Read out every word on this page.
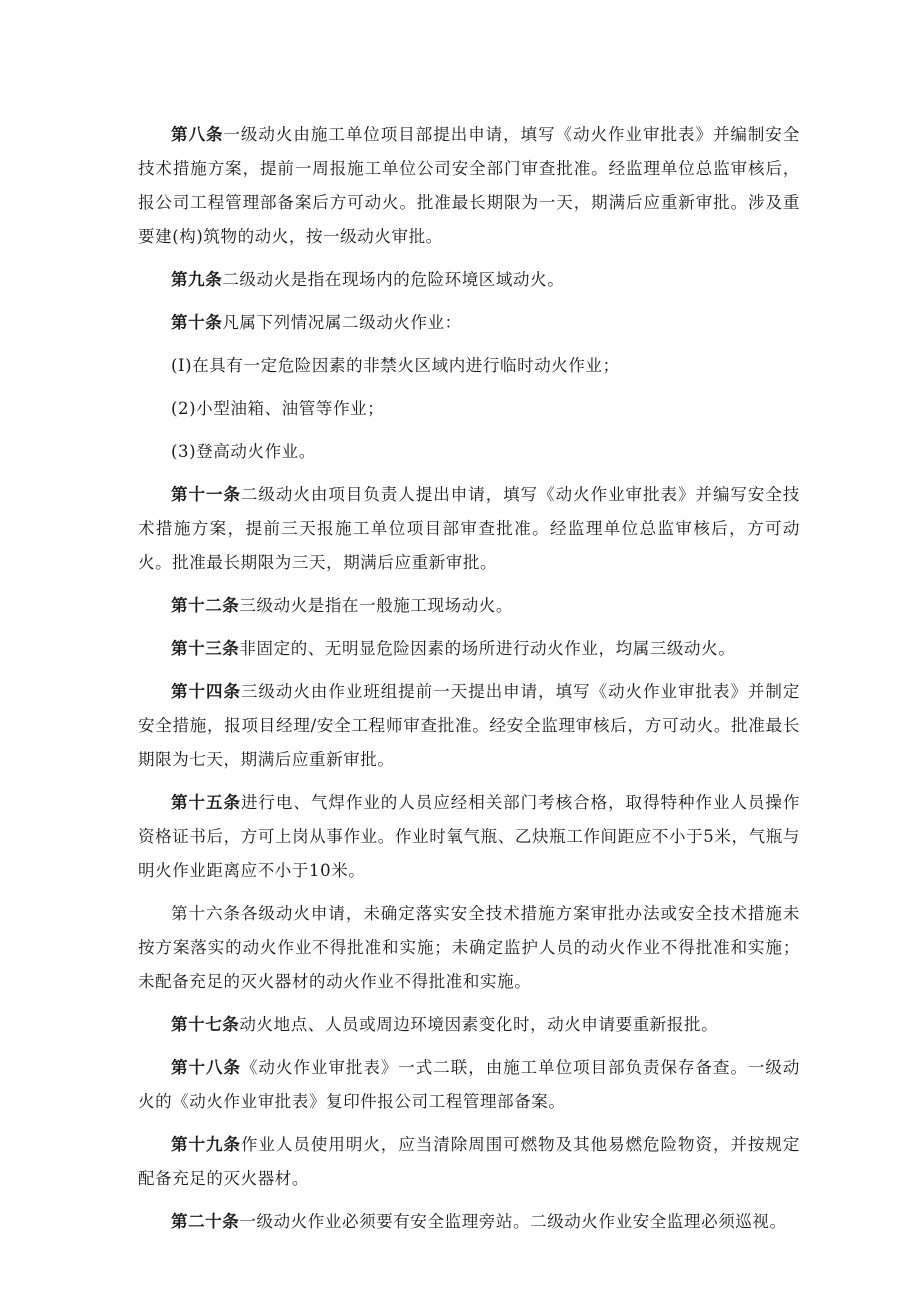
第八条一级动火由施工单位项目部提出申请，填写《动火作业审批表》并编制安全技术措施方案，提前一周报施工单位公司安全部门审查批准。经监理单位总监审核后，报公司工程管理部备案后方可动火。批准最长期限为一天，期满后应重新审批。涉及重要建(构)筑物的动火，按一级动火审批。

第九条二级动火是指在现场内的危险环境区域动火。

第十条凡属下列情况属二级动火作业：

(I)在具有一定危险因素的非禁火区域内进行临时动火作业；

(2)小型油箱、油管等作业；

(3)登高动火作业。

第十一条二级动火由项目负责人提出申请，填写《动火作业审批表》并编写安全技术措施方案，提前三天报施工单位项目部审查批准。经监理单位总监审核后，方可动火。批准最长期限为三天，期满后应重新审批。

第十二条三级动火是指在一般施工现场动火。

第十三条非固定的、无明显危险因素的场所进行动火作业，均属三级动火。

第十四条三级动火由作业班组提前一天提出申请，填写《动火作业审批表》并制定安全措施，报项目经理/安全工程师审查批准。经安全监理审核后，方可动火。批准最长期限为七天，期满后应重新审批。

第十五条进行电、气焊作业的人员应经相关部门考核合格，取得特种作业人员操作资格证书后，方可上岗从事作业。作业时氧气瓶、乙炔瓶工作间距应不小于5米，气瓶与明火作业距离应不小于10米。

第十六条各级动火申请，未确定落实安全技术措施方案审批办法或安全技术措施未按方案落实的动火作业不得批准和实施；未确定监护人员的动火作业不得批准和实施；未配备充足的灭火器材的动火作业不得批准和实施。

第十七条动火地点、人员或周边环境因素变化时，动火申请要重新报批。

第十八条《动火作业审批表》一式二联，由施工单位项目部负责保存备查。一级动火的《动火作业审批表》复印件报公司工程管理部备案。

第十九条作业人员使用明火，应当清除周围可燃物及其他易燃危险物资，并按规定配备充足的灭火器材。

第二十条一级动火作业必须要有安全监理旁站。二级动火作业安全监理必须巡视。
